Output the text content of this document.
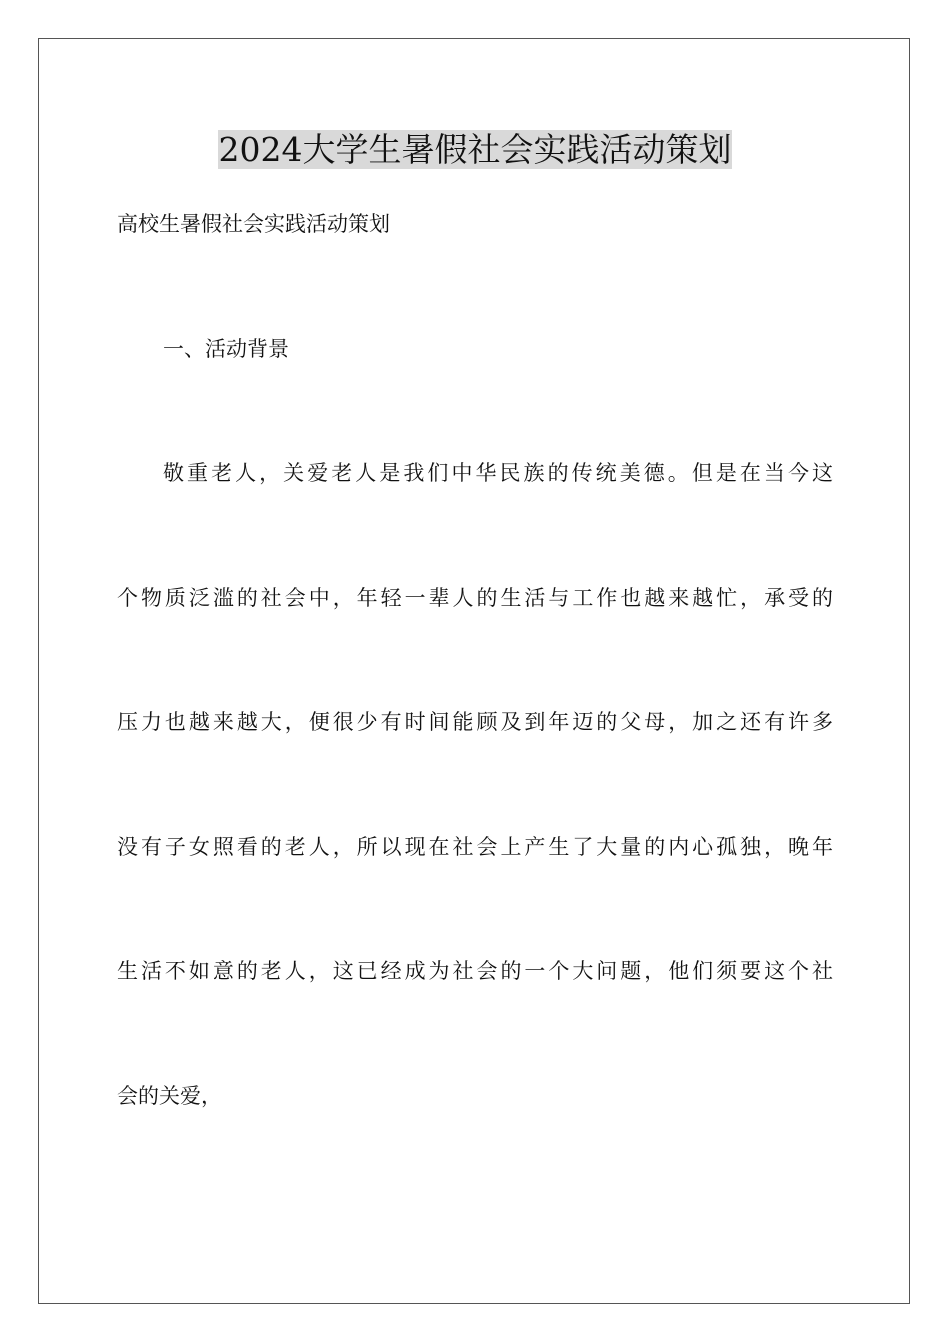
2024大学生暑假社会实践活动策划
高校生暑假社会实践活动策划
一、活动背景
敬重老人，关爱老人是我们中华民族的传统美德。但是在当今这
个物质泛滥的社会中，年轻一辈人的生活与工作也越来越忙，承受的
压力也越来越大，便很少有时间能顾及到年迈的父母，加之还有许多
没有子女照看的老人，所以现在社会上产生了大量的内心孤独，晚年
生活不如意的老人，这已经成为社会的一个大问题，他们须要这个社
会的关爱，
